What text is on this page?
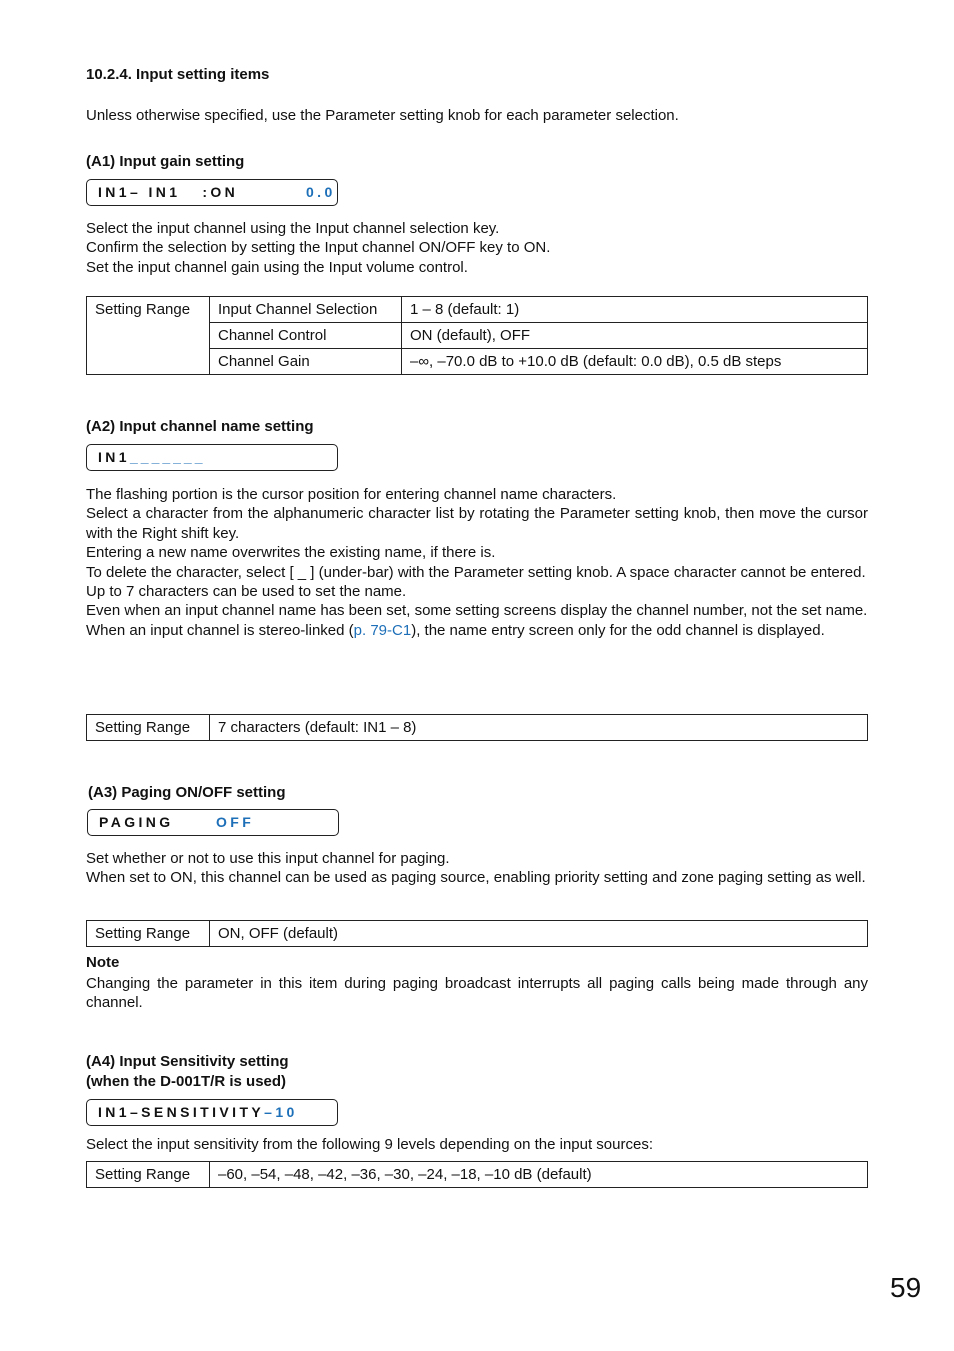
10.2.4. Input setting items
Unless otherwise specified, use the Parameter setting knob for each parameter selection.
(A1) Input gain setting
IN1– IN1   :ON	0.0

Select the input channel using the Input channel selection key.

Confirm the selection by setting the Input channel ON/OFF key to ON.

Set the input channel gain using the Input volume control.

Setting Range	Input Channel Selection	1 – 8 (default: 1)
	Channel Control	ON (default), OFF
	Channel Gain	–∞, –70.0 dB to +10.0 dB (default: 0.0 dB), 0.5 dB steps
(A2) Input channel name setting
IN1_______

The flashing portion is the cursor position for entering channel name characters.

Select a character from the alphanumeric character list by rotating the Parameter setting knob, then move the cursor with the Right shift key.

Entering a new name overwrites the existing name, if there is.

To delete the character, select [ _ ] (under-bar) with the Parameter setting knob. A space character cannot be entered.

Up to 7 characters can be used to set the name.

Even when an input channel name has been set, some setting screens display the channel number, not the set name.

When an input channel is stereo-linked (p. 79-C1), the name entry screen only for the odd channel is displayed.

Setting Range	7 characters (default: IN1 – 8)
(A3) Paging ON/OFF setting
PAGING	OFF

Set whether or not to use this input channel for paging.

When set to ON, this channel can be used as paging source, enabling priority setting and zone paging setting as well.

Setting Range	ON, OFF (default)
Note

Changing the parameter in this item during paging broadcast interrupts all paging calls being made through any channel.

(A4) Input Sensitivity setting
(when the D-001T/R is used)
IN1–SENSITIVITY–10
Select the input sensitivity from the following 9 levels depending on the input sources:
Setting Range	–60, –54, –48, –42, –36, –30, –24, –18, –10 dB (default)
59
